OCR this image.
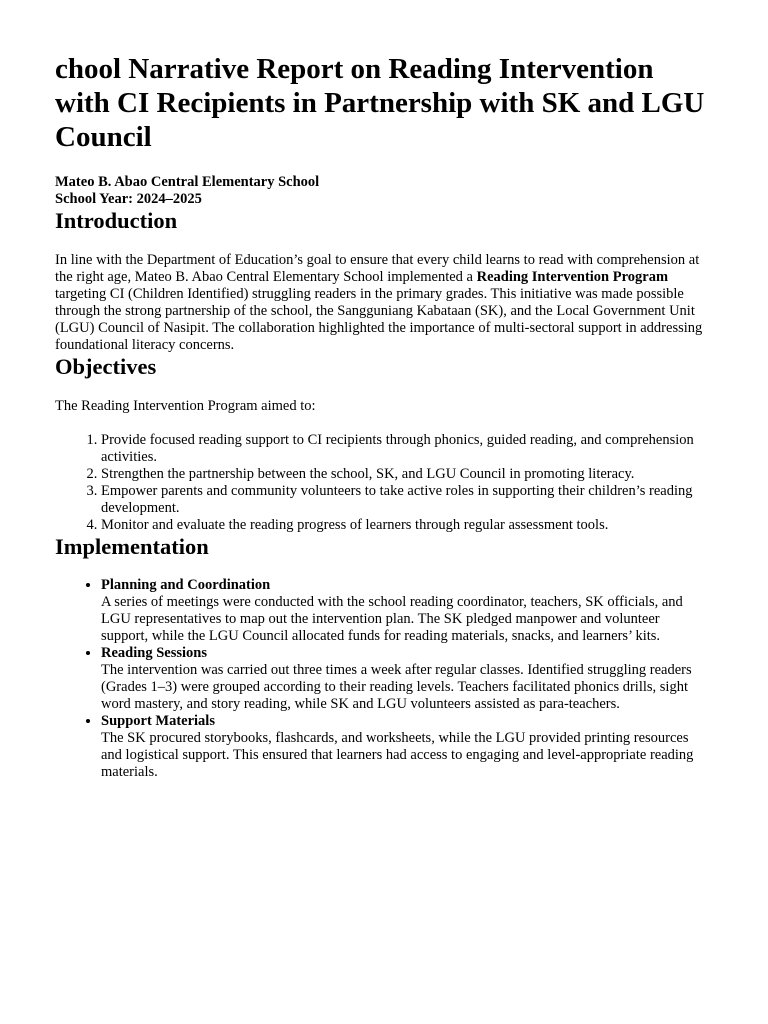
chool Narrative Report on Reading Intervention with CI Recipients in Partnership with SK and LGU Council
Mateo B. Abao Central Elementary School
School Year: 2024–2025
Introduction

In line with the Department of Education’s goal to ensure that every child learns to read with comprehension at the right age, Mateo B. Abao Central Elementary School implemented a Reading Intervention Program targeting CI (Children Identified) struggling readers in the primary grades. This initiative was made possible through the strong partnership of the school, the Sangguniang Kabataan (SK), and the Local Government Unit (LGU) Council of Nasipit. The collaboration highlighted the importance of multi-sectoral support in addressing foundational literacy concerns.

Objectives

The Reading Intervention Program aimed to:

1. Provide focused reading support to CI recipients through phonics, guided reading, and comprehension activities.
2. Strengthen the partnership between the school, SK, and LGU Council in promoting literacy.
3. Empower parents and community volunteers to take active roles in supporting their children’s reading development.
4. Monitor and evaluate the reading progress of learners through regular assessment tools.
Implementation
• Planning and Coordination
A series of meetings were conducted with the school reading coordinator, teachers, SK officials, and LGU representatives to map out the intervention plan. The SK pledged manpower and volunteer support, while the LGU Council allocated funds for reading materials, snacks, and learners’ kits.
• Reading Sessions
The intervention was carried out three times a week after regular classes. Identified struggling readers (Grades 1–3) were grouped according to their reading levels. Teachers facilitated phonics drills, sight word mastery, and story reading, while SK and LGU volunteers assisted as para-teachers.
• Support Materials
The SK procured storybooks, flashcards, and worksheets, while the LGU provided printing resources and logistical support. This ensured that learners had access to engaging and level-appropriate reading materials.
